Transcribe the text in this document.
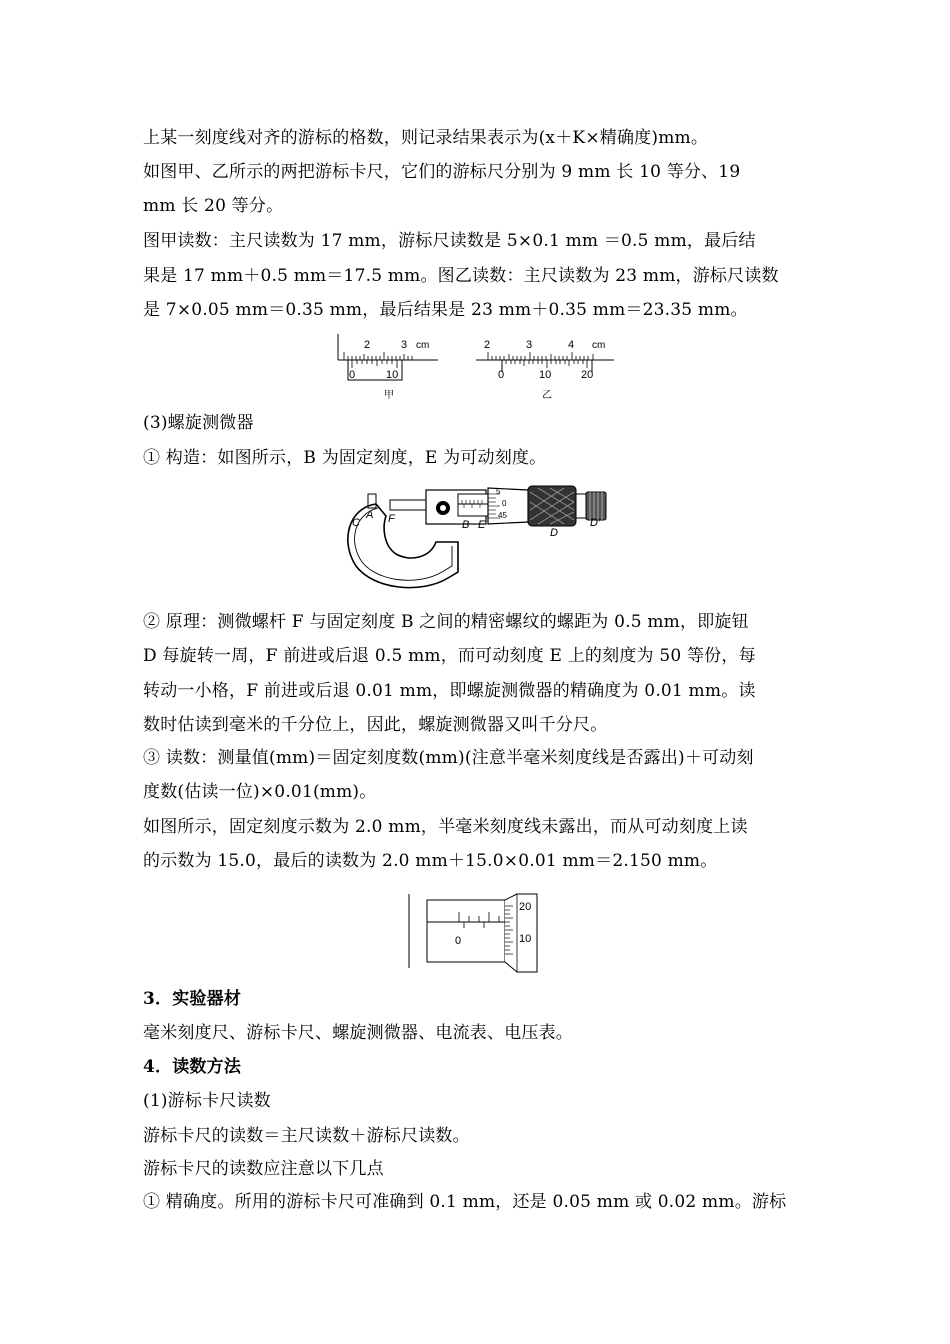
上某一刻度线对齐的游标的格数，则记录结果表示为(x＋K×精确度)mm。
如图甲、乙所示的两把游标卡尺，它们的游标尺分别为 9 mm 长 10 等分、19
mm 长 20 等分。
图甲读数：主尺读数为 17 mm，游标尺读数是 5×0.1 mm ＝0.5 mm，最后结
果是 17 mm＋0.5 mm＝17.5 mm。图乙读数：主尺读数为 23 mm，游标尺读数
是 7×0.05 mm＝0.35 mm，最后结果是 23 mm＋0.35 mm＝23.35 mm。
2	3 cm
0	10
甲
2	3	4 cm
0	10	20
乙
(3)螺旋测微器
① 构造：如图所示，B 为固定刻度，E 为可动刻度。
A F
C	B E
D
D′
5
0
45
② 原理：测微螺杆 F 与固定刻度 B 之间的精密螺纹的螺距为 0.5 mm，即旋钮
D 每旋转一周，F 前进或后退 0.5 mm，而可动刻度 E 上的刻度为 50 等份，每
转动一小格，F 前进或后退 0.01 mm，即螺旋测微器的精确度为 0.01 mm。读
数时估读到毫米的千分位上，因此，螺旋测微器又叫千分尺。
③ 读数：测量值(mm)＝固定刻度数(mm)(注意半毫米刻度线是否露出)＋可动刻
度数(估读一位)×0.01(mm)。
如图所示，固定刻度示数为 2.0 mm，半毫米刻度线未露出，而从可动刻度上读
的示数为 15.0，最后的读数为 2.0 mm＋15.0×0.01 mm＝2.150 mm。
0
20
10
3．实验器材
毫米刻度尺、游标卡尺、螺旋测微器、电流表、电压表。
4．读数方法
(1)游标卡尺读数
游标卡尺的读数＝主尺读数＋游标尺读数。
游标卡尺的读数应注意以下几点
① 精确度。所用的游标卡尺可准确到 0.1 mm，还是 0.05 mm 或 0.02 mm。游标
